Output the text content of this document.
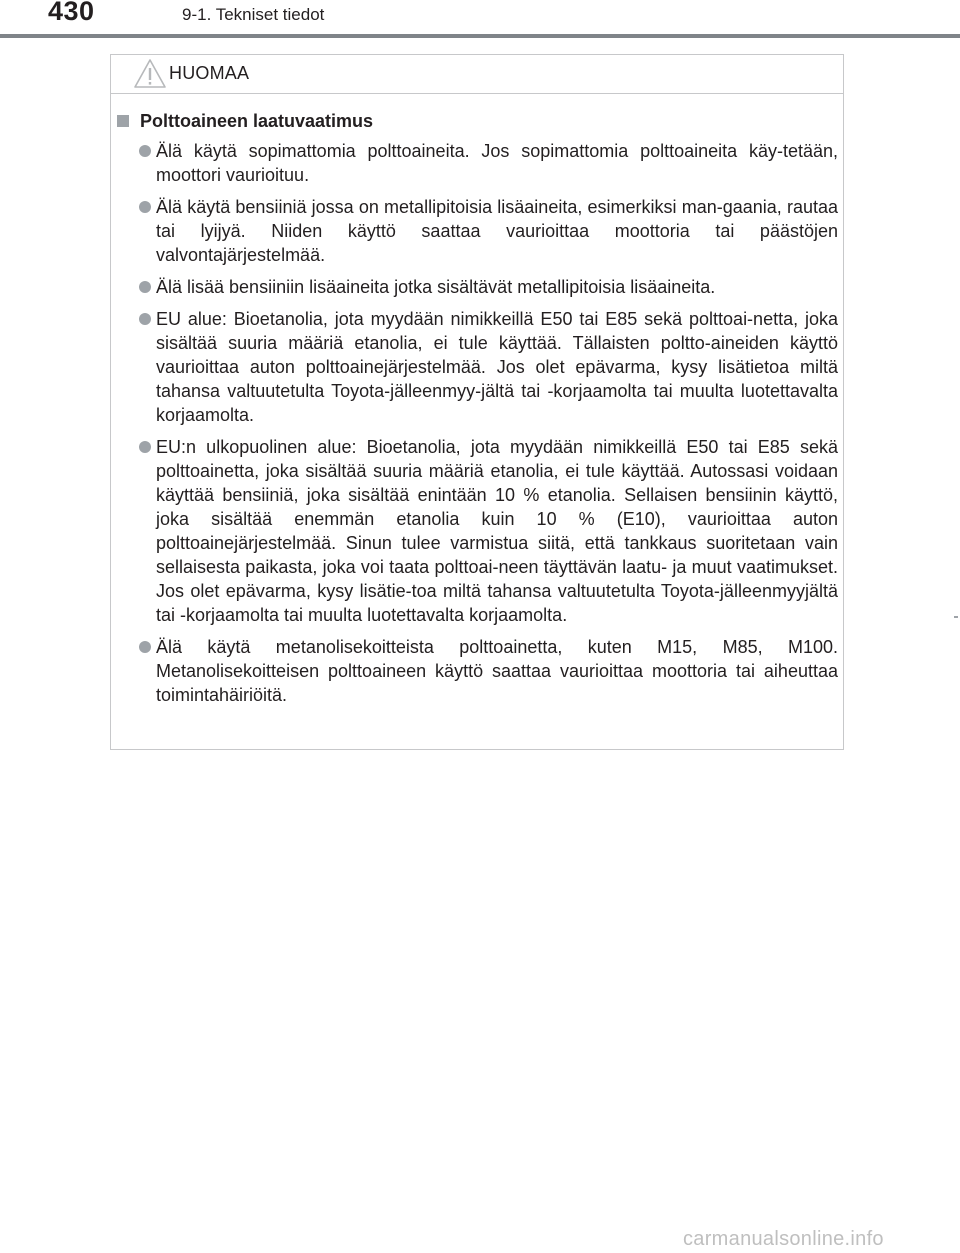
430	9-1. Tekniset tiedot
HUOMAA
Polttoaineen laatuvaatimus
Älä käytä sopimattomia polttoaineita. Jos sopimattomia polttoaineita käy-tetään, moottori vaurioituu.
Älä käytä bensiiniä jossa on metallipitoisia lisäaineita, esimerkiksi man-gaania, rautaa tai lyijyä. Niiden käyttö saattaa vaurioittaa moottoria tai päästöjen valvontajärjestelmää.
Älä lisää bensiiniin lisäaineita jotka sisältävät metallipitoisia lisäaineita.
EU alue: Bioetanolia, jota myydään nimikkeillä E50 tai E85 sekä polttoai-netta, joka sisältää suuria määriä etanolia, ei tule käyttää. Tällaisten poltto-aineiden käyttö vaurioittaa auton polttoainejärjestelmää. Jos olet epävarma, kysy lisätietoa miltä tahansa valtuutetulta Toyota-jälleenmyy-jältä tai -korjaamolta tai muulta luotettavalta korjaamolta.
EU:n ulkopuolinen alue: Bioetanolia, jota myydään nimikkeillä E50 tai E85 sekä polttoainetta, joka sisältää suuria määriä etanolia, ei tule käyttää. Autossasi voidaan käyttää bensiiniä, joka sisältää enintään 10 % etanolia. Sellaisen bensiinin käyttö, joka sisältää enemmän etanolia kuin 10 % (E10), vaurioittaa auton polttoainejärjestelmää. Sinun tulee varmistua siitä, että tankkaus suoritetaan vain sellaisesta paikasta, joka voi taata polttoai-neen täyttävän laatu- ja muut vaatimukset. Jos olet epävarma, kysy lisätie-toa miltä tahansa valtuutetulta Toyota-jälleenmyyjältä tai -korjaamolta tai muulta luotettavalta korjaamolta.
Älä käytä metanolisekoitteista polttoainetta, kuten M15, M85, M100. Metanolisekoitteisen polttoaineen käyttö saattaa vaurioittaa moottoria tai aiheuttaa toimintahäiriöitä.
carmanualsonline.info
